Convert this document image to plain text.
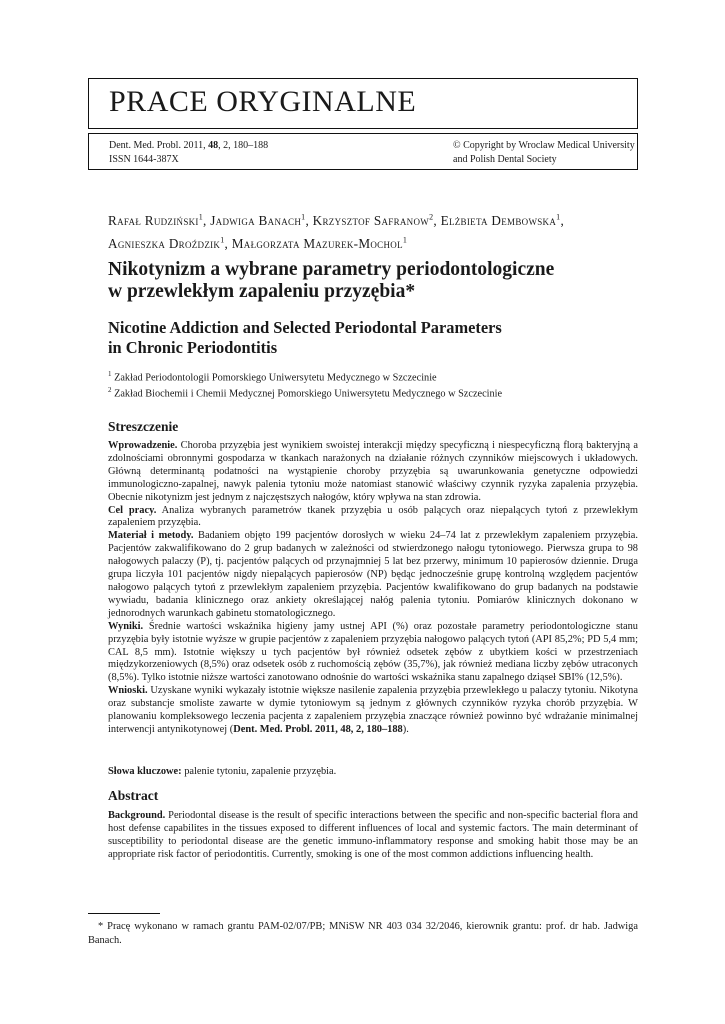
PRACE ORYGINALNE
Dent. Med. Probl. 2011, 48, 2, 180–188
ISSN 1644-387X
© Copyright by Wroclaw Medical University
and Polish Dental Society
Rafał Rudziński$^1$, Jadwiga Banach$^1$, Krzysztof Safranow$^2$, Elżbieta Dembowska$^1$,
Agnieszka Droździk$^1$, Małgorzata Mazurek-Mochol$^1$
Nikotynizm a wybrane parametry periodontologiczne
w przewlekłym zapaleniu przyzębia*
Nicotine Addiction and Selected Periodontal Parameters
in Chronic Periodontitis
$^1$ Zakład Periodontologii Pomorskiego Uniwersytetu Medycznego w Szczecinie
$^2$ Zakład Biochemii i Chemii Medycznej Pomorskiego Uniwersytetu Medycznego w Szczecinie
Streszczenie
Wprowadzenie. Choroba przyzębia jest wynikiem swoistej interakcji między specyficzną i niespecyficzną florą bakteryjną a zdolnościami obronnymi gospodarza w tkankach narażonych na działanie różnych czynników miejscowych i układowych. Główną determinantą podatności na wystąpienie choroby przyzębia są uwarunkowania genetyczne odpowiedzi immunologiczno-zapalnej, nawyk palenia tytoniu może natomiast stanowić właściwy czynnik ryzyka zapalenia przyzębia. Obecnie nikotynizm jest jednym z najczęstszych nałogów, który wpływa na stan zdrowia.
Cel pracy. Analiza wybranych parametrów tkanek przyzębia u osób palących oraz niepalących tytoń z przewlekłym zapaleniem przyzębia.
Materiał i metody. Badaniem objęto 199 pacjentów dorosłych w wieku 24–74 lat z przewlekłym zapaleniem przyzębia. Pacjentów zakwalifikowano do 2 grup badanych w zależności od stwierdzonego nałogu tytoniowego. Pierwsza grupa to 98 nałogowych palaczy (P), tj. pacjentów palących od przynajmniej 5 lat bez przerwy, minimum 10 papierosów dziennie. Druga grupa liczyła 101 pacjentów nigdy niepalących papierosów (NP) będąc jednocześnie grupę kontrolną względem pacjentów nałogowo palących tytoń z przewlekłym zapaleniem przyzębia. Pacjentów kwalifikowano do grup badanych na podstawie wywiadu, badania klinicznego oraz ankiety określającej nałóg palenia tytoniu. Pomiarów klinicznych dokonano w jednorodnych warunkach gabinetu stomatologicznego.
Wyniki. Średnie wartości wskaźnika higieny jamy ustnej API (%) oraz pozostałe parametry periodontologiczne stanu przyzębia były istotnie wyższe w grupie pacjentów z zapaleniem przyzębia nałogowo palących tytoń (API 85,2%; PD 5,4 mm; CAL 8,5 mm). Istotnie większy u tych pacjentów był również odsetek zębów z ubytkiem kości w przestrzeniach międzykorzeniowych (8,5%) oraz odsetek osób z ruchomością zębów (35,7%), jak również mediana liczby zębów utraconych (8,5%). Tylko istotnie niższe wartości zanotowano odnośnie do wartości wskaźnika stanu zapalnego dziąseł SBI% (12,5%).
Wnioski. Uzyskane wyniki wykazały istotnie większe nasilenie zapalenia przyzębia przewlekłego u palaczy tytoniu. Nikotyna oraz substancje smoliste zawarte w dymie tytoniowym są jednym z głównych czynników ryzyka chorób przyzębia. W planowaniu kompleksowego leczenia pacjenta z zapaleniem przyzębia znaczące również powinno być wdrażanie minimalnej interwencji antynikotynowej (Dent. Med. Probl. 2011, 48, 2, 180–188).
Słowa kluczowe: palenie tytoniu, zapalenie przyzębia.
Abstract
Background. Periodontal disease is the result of specific interactions between the specific and non-specific bacterial flora and host defense capabilites in the tissues exposed to different influences of local and systemic factors. The main determinant of susceptibility to periodontal disease are the genetic immuno-inflammatory response and smoking habit those may be an appropriate risk factor of periodontitis. Currently, smoking is one of the most common addictions influencing health.
* Pracę wykonano w ramach grantu PAM-02/07/PB; MNiSW NR 403 034 32/2046, kierownik grantu: prof. dr hab. Jadwiga Banach.
